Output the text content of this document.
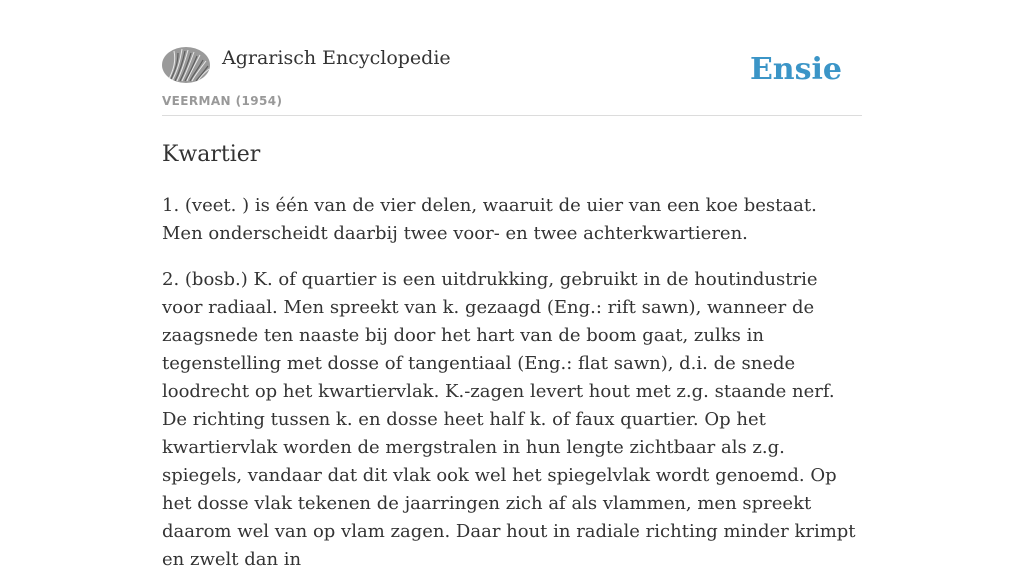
Agrarisch Encyclopedie
VEERMAN (1954)
Ensie
Kwartier

1. (veet. ) is één van de vier delen, waaruit de uier van een koe bestaat. Men onderscheidt daarbij twee voor- en twee achterkwartieren.

2. (bosb.) K. of quartier is een uitdrukking, gebruikt in de houtindustrie voor radiaal. Men spreekt van k. gezaagd (Eng.: rift sawn), wanneer de zaagsnede ten naaste bij door het hart van de boom gaat, zulks in tegenstelling met dosse of tangentiaal (Eng.: flat sawn), d.i. de snede loodrecht op het kwartiervlak. K.-zagen levert hout met z.g. staande nerf. De richting tussen k. en dosse heet half k. of faux quartier. Op het kwartiervlak worden de mergstralen in hun lengte zichtbaar als z.g. spiegels, vandaar dat dit vlak ook wel het spiegelvlak wordt genoemd. Op het dosse vlak tekenen de jaarringen zich af als vlammen, men spreekt daarom wel van op vlam zagen. Daar hout in radiale richting minder krimpt en zwelt dan in
